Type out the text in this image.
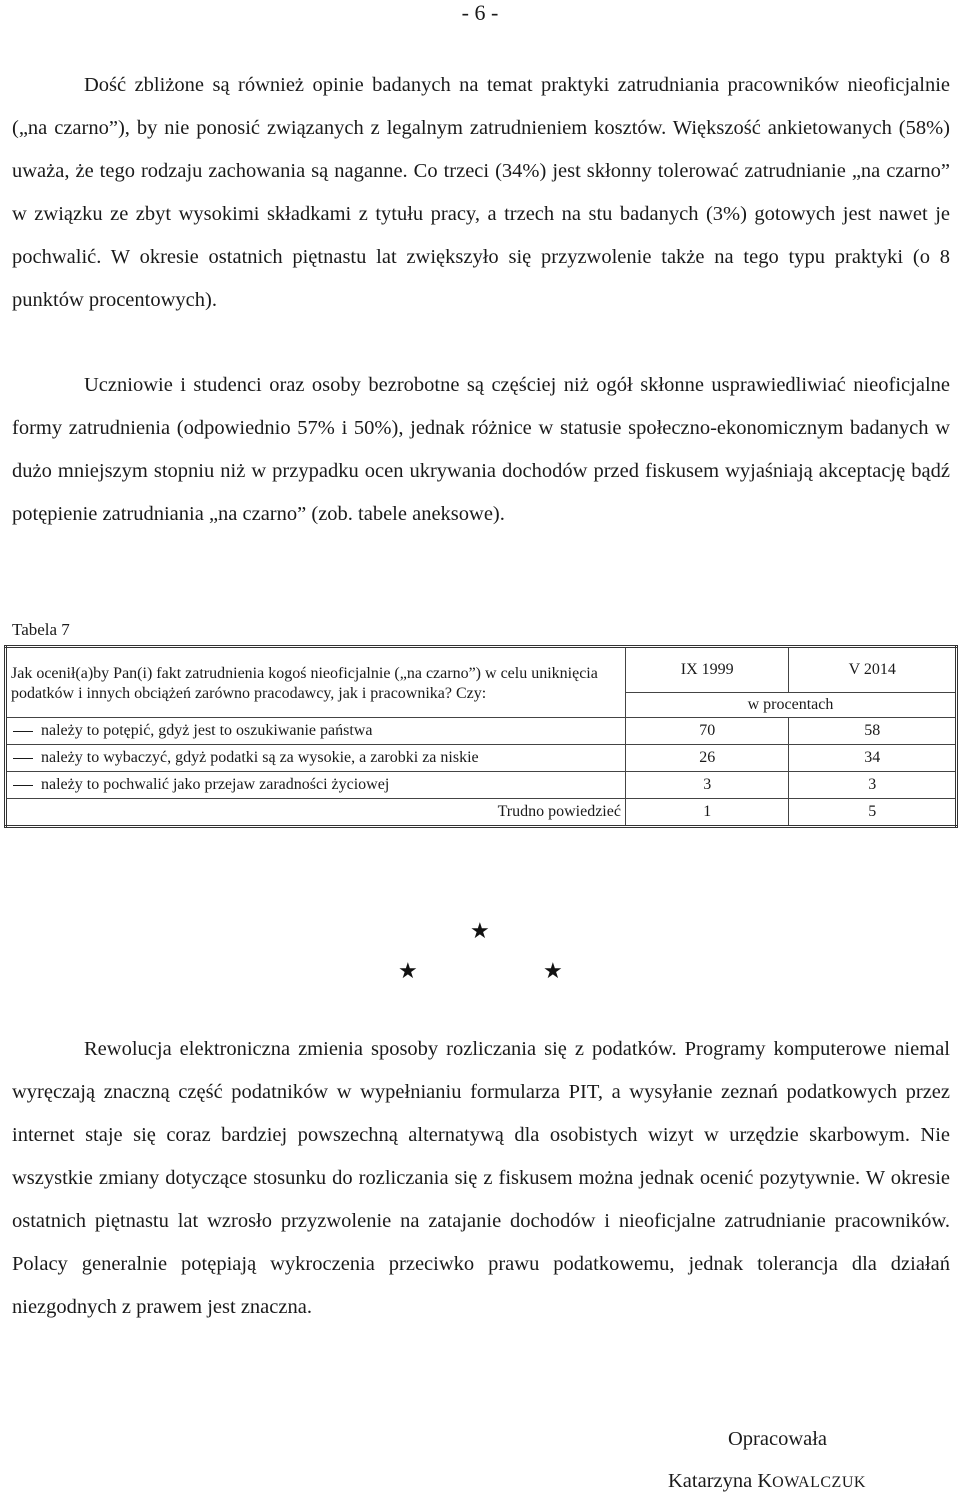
- 6 -

Dość zbliżone są również opinie badanych na temat praktyki zatrudniania pracowników nieoficjalnie („na czarno”), by nie ponosić związanych z legalnym zatrudnieniem kosztów. Większość ankietowanych (58%) uważa, że tego rodzaju zachowania są naganne. Co trzeci (34%) jest skłonny tolerować zatrudnianie „na czarno” w związku ze zbyt wysokimi składkami z tytułu pracy, a trzech na stu badanych (3%) gotowych jest nawet je pochwalić. W okresie ostatnich piętnastu lat zwiększyło się przyzwolenie także na tego typu praktyki (o 8 punktów procentowych).

Uczniowie i studenci oraz osoby bezrobotne są częściej niż ogół skłonne usprawiedliwiać nieoficjalne formy zatrudnienia (odpowiednio 57% i 50%), jednak różnice w statusie społeczno-ekonomicznym badanych w dużo mniejszym stopniu niż w przypadku ocen ukrywania dochodów przed fiskusem wyjaśniają akceptację bądź potępienie zatrudniania „na czarno” (zob. tabele aneksowe).

Tabela 7
Jak ocenił(a)by Pan(i) fakt zatrudnienia kogoś nieoficjalnie („na czarno”) w celu uniknięcia podatków i innych obciążeń zarówno pracodawcy, jak i pracownika? Czy:	IX 1999	V 2014
	w procentach	
należy to potępić, gdyż jest to oszukiwanie państwa	70	58
należy to wybaczyć, gdyż podatki są za wysokie, a zarobki za niskie	26	34
należy to pochwalić jako przejaw zaradności życiowej	3	3
Trudno powiedzieć	1	5
★
★	★

Rewolucja elektroniczna zmienia sposoby rozliczania się z podatków. Programy komputerowe niemal wyręczają znaczną część podatników w wypełnianiu formularza PIT, a wysyłanie zeznań podatkowych przez internet staje się coraz bardziej powszechną alternatywą dla osobistych wizyt w urzędzie skarbowym. Nie wszystkie zmiany dotyczące stosunku do rozliczania się z fiskusem można jednak ocenić pozytywnie. W okresie ostatnich piętnastu lat wzrosło przyzwolenie na zatajanie dochodów i nieoficjalne zatrudnianie pracowników. Polacy generalnie potępiają wykroczenia przeciwko prawu podatkowemu, jednak tolerancja dla działań niezgodnych z prawem jest znaczna.

Opracowała
Katarzyna KOWALCZUK
